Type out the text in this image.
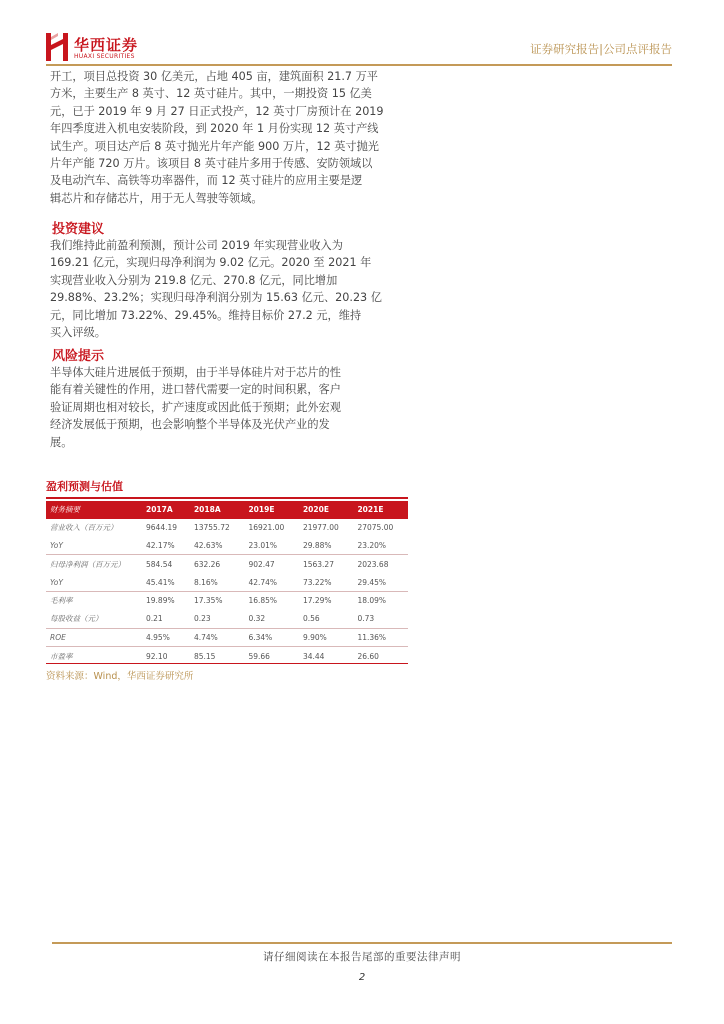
华西证券
HUAXI SECURITIES
证券研究报告|公司点评报告
开工，项目总投资 30 亿美元，占地 405 亩，建筑面积 21.7 万平
方米，主要生产 8 英寸、12 英寸硅片。其中，一期投资 15 亿美
元，已于 2019 年 9 月 27 日正式投产，12 英寸厂房预计在 2019
年四季度进入机电安装阶段，到 2020 年 1 月份实现 12 英寸产线
试生产。项目达产后 8 英寸抛光片年产能 900 万片，12 英寸抛光
片年产能 720 万片。该项目 8 英寸硅片多用于传感、安防领域以
及电动汽车、高铁等功率器件，而 12 英寸硅片的应用主要是逻
辑芯片和存储芯片，用于无人驾驶等领域。
投资建议
我们维持此前盈利预测，预计公司 2019 年实现营业收入为
169.21 亿元，实现归母净利润为 9.02 亿元。2020 至 2021 年
实现营业收入分别为 219.8 亿元、270.8 亿元，同比增加
29.88%、23.2%；实现归母净利润分别为 15.63 亿元、20.23 亿
元，同比增加 73.22%、29.45%。维持目标价 27.2 元，维持
买入评级。
风险提示
半导体大硅片进展低于预期，由于半导体硅片对于芯片的性
能有着关键性的作用，进口替代需要一定的时间积累，客户
验证周期也相对较长，扩产速度或因此低于预期；此外宏观
经济发展低于预期，也会影响整个半导体及光伏产业的发
展。
盈利预测与估值
财务摘要	2017A	2018A	2019E	2020E	2021E
营业收入（百万元）	9644.19	13755.72	16921.00	21977.00	27075.00
YoY	42.17%	42.63%	23.01%	29.88%	23.20%
归母净利润（百万元）	584.54	632.26	902.47	1563.27	2023.68
YoY	45.41%	8.16%	42.74%	73.22%	29.45%
毛利率	19.89%	17.35%	16.85%	17.29%	18.09%
每股收益（元）	0.21	0.23	0.32	0.56	0.73
ROE	4.95%	4.74%	6.34%	9.90%	11.36%
市盈率	92.10	85.15	59.66	34.44	26.60
资料来源：Wind，华西证券研究所
请仔细阅读在本报告尾部的重要法律声明
2
